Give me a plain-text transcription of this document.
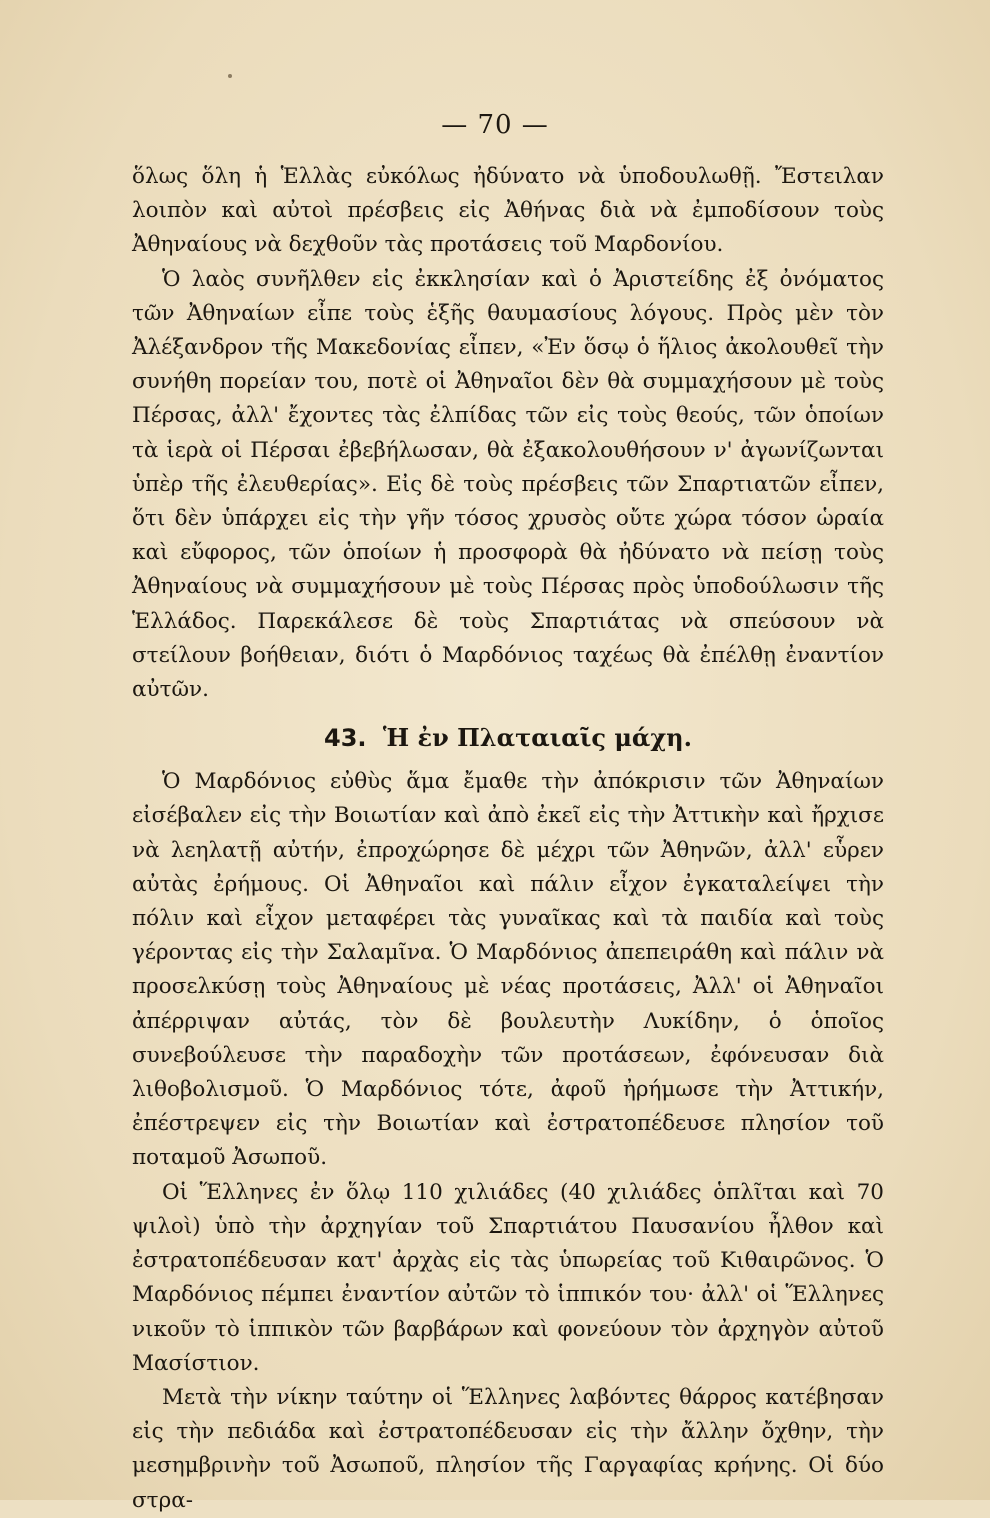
— 70 —

ὅλως ὅλη ἡ Ἑλλὰς εὐκόλως ἠδύνατο νὰ ὑποδουλωθῇ. Ἔστειλαν λοιπὸν καὶ αὐτοὶ πρέσβεις εἰς Ἀθήνας διὰ νὰ ἐμποδίσουν τοὺς Ἀθηναίους νὰ δεχθοῦν τὰς προτάσεις τοῦ Μαρδονίου.

Ὁ λαὸς συνῆλθεν εἰς ἐκκλησίαν καὶ ὁ Ἀριστείδης ἐξ ὀνόματος τῶν Ἀθηναίων εἶπε τοὺς ἑξῆς θαυμασίους λόγους. Πρὸς μὲν τὸν Ἀλέξανδρον τῆς Μακεδονίας εἶπεν, «Ἐν ὅσῳ ὁ ἥλιος ἀκολουθεῖ τὴν συνήθη πορείαν του, ποτὲ οἱ Ἀθηναῖοι δὲν θὰ συμμαχήσουν μὲ τοὺς Πέρσας, ἀλλ' ἔχοντες τὰς ἐλπίδας τῶν εἰς τοὺς θεούς, τῶν ὁποίων τὰ ἱερὰ οἱ Πέρσαι ἐβεβήλωσαν, θὰ ἐξακολουθήσουν ν' ἀγωνίζωνται ὑπὲρ τῆς ἐλευθερίας». Εἰς δὲ τοὺς πρέσβεις τῶν Σπαρτιατῶν εἶπεν, ὅτι δὲν ὑπάρχει εἰς τὴν γῆν τόσος χρυσὸς οὔτε χώρα τόσον ὡραία καὶ εὔφορος, τῶν ὁποίων ἡ προσφορὰ θὰ ἠδύνατο νὰ πείσῃ τοὺς Ἀθηναίους νὰ συμμαχήσουν μὲ τοὺς Πέρσας πρὸς ὑποδούλωσιν τῆς Ἑλλάδος. Παρεκάλεσε δὲ τοὺς Σπαρτιάτας νὰ σπεύσουν νὰ στείλουν βοήθειαν, διότι ὁ Μαρδόνιος ταχέως θὰ ἐπέλθῃ ἐναντίον αὐτῶν.

43. Ἡ ἐν Πλαταιαῖς μάχη.

Ὁ Μαρδόνιος εὐθὺς ἅμα ἔμαθε τὴν ἀπόκρισιν τῶν Ἀθηναίων εἰσέβαλεν εἰς τὴν Βοιωτίαν καὶ ἀπὸ ἐκεῖ εἰς τὴν Ἀττικὴν καὶ ἤρχισε νὰ λεηλατῇ αὐτήν, ἐπροχώρησε δὲ μέχρι τῶν Ἀθηνῶν, ἀλλ' εὗρεν αὐτὰς ἐρήμους. Οἱ Ἀθηναῖοι καὶ πάλιν εἶχον ἐγκαταλείψει τὴν πόλιν καὶ εἶχον μεταφέρει τὰς γυναῖκας καὶ τὰ παιδία καὶ τοὺς γέροντας εἰς τὴν Σαλαμῖνα. Ὁ Μαρδόνιος ἀπεπειράθη καὶ πάλιν νὰ προσελκύσῃ τοὺς Ἀθηναίους μὲ νέας προτάσεις, Ἀλλ' οἱ Ἀθηναῖοι ἀπέρριψαν αὐτάς, τὸν δὲ βουλευτὴν Λυκίδην, ὁ ὁποῖος συνεβούλευσε τὴν παραδοχὴν τῶν προτάσεων, ἐφόνευσαν διὰ λιθοβολισμοῦ. Ὁ Μαρδόνιος τότε, ἀφοῦ ἠρήμωσε τὴν Ἀττικήν, ἐπέστρεψεν εἰς τὴν Βοιωτίαν καὶ ἐστρατοπέδευσε πλησίον τοῦ ποταμοῦ Ἀσωποῦ.

Οἱ Ἕλληνες ἐν ὅλῳ 110 χιλιάδες (40 χιλιάδες ὁπλῖται καὶ 70 ψιλοὶ) ὑπὸ τὴν ἀρχηγίαν τοῦ Σπαρτιάτου Παυσανίου ἦλθον καὶ ἐστρατοπέδευσαν κατ' ἀρχὰς εἰς τὰς ὑπωρείας τοῦ Κιθαιρῶνος. Ὁ Μαρδόνιος πέμπει ἐναντίον αὐτῶν τὸ ἱππικόν του· ἀλλ' οἱ Ἕλληνες νικοῦν τὸ ἱππικὸν τῶν βαρβάρων καὶ φονεύουν τὸν ἀρχηγὸν αὐτοῦ Μασίστιον.

Μετὰ τὴν νίκην ταύτην οἱ Ἕλληνες λαβόντες θάρρος κατέβησαν εἰς τὴν πεδιάδα καὶ ἐστρατοπέδευσαν εἰς τὴν ἄλλην ὄχθην, τὴν μεσημβρινὴν τοῦ Ἀσωποῦ, πλησίον τῆς Γαργαφίας κρήνης. Οἱ δύο στρα-
